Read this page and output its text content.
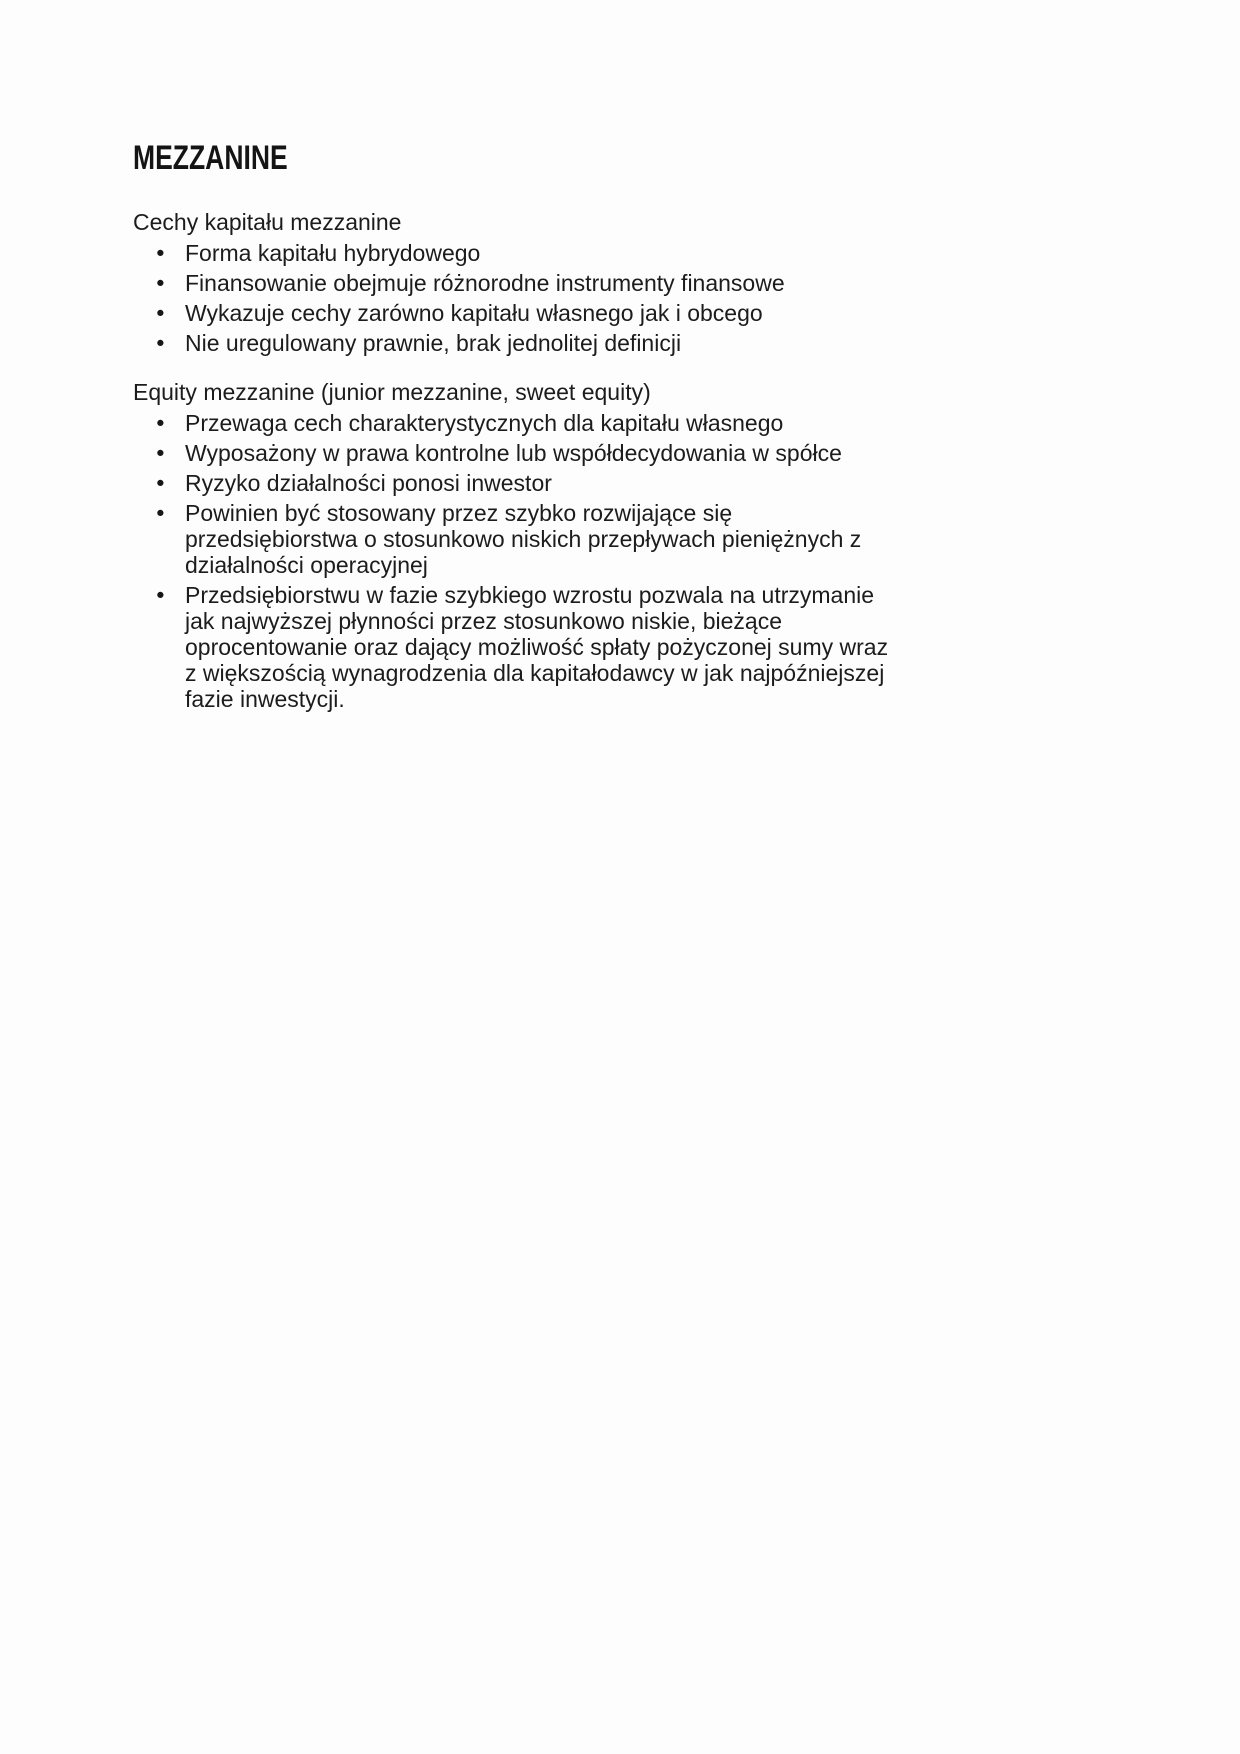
MEZZANINE

Cechy kapitału mezzanine

● Forma kapitału hybrydowego
● Finansowanie obejmuje różnorodne instrumenty finansowe
● Wykazuje cechy zarówno kapitału własnego jak i obcego
● Nie uregulowany prawnie, brak jednolitej definicji

Equity mezzanine (junior mezzanine, sweet equity)

● Przewaga cech charakterystycznych dla kapitału własnego
● Wyposażony w prawa kontrolne lub współdecydowania w spółce
● Ryzyko działalności ponosi inwestor
● Powinien być stosowany przez szybko rozwijające się przedsiębiorstwa o stosunkowo niskich przepływach pieniężnych z działalności operacyjnej
● Przedsiębiorstwu w fazie szybkiego wzrostu pozwala na utrzymanie jak najwyższej płynności przez stosunkowo niskie, bieżące oprocentowanie oraz dający możliwość spłaty pożyczonej sumy wraz z większością wynagrodzenia dla kapitałodawcy w jak najpóźniejszej fazie inwestycji.
